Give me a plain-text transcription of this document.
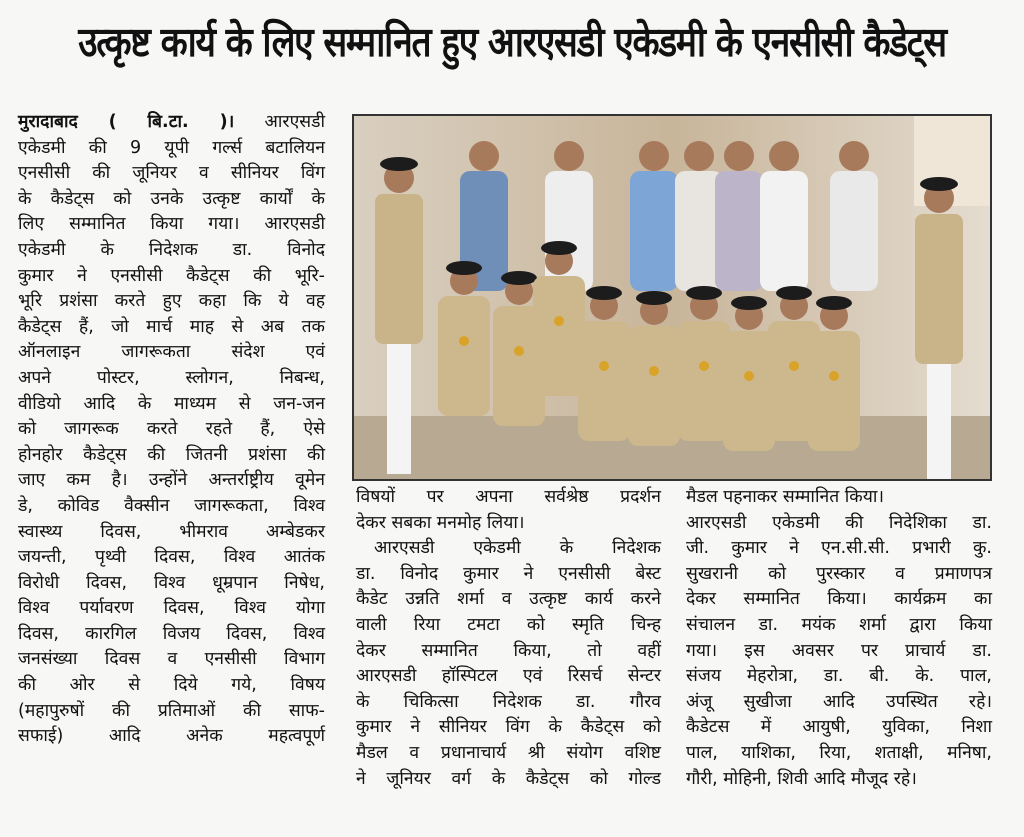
उत्कृष्ट कार्य के लिए सम्मानित हुए आरएसडी एकेडमी के एनसीसी कैडेट्स
मुरादाबाद ( बि.टा. )। आरएसडी
एकेडमी की 9 यूपी गर्ल्स बटालियन
एनसीसी की जूनियर व सीनियर विंग
के कैडेट्स को उनके उत्कृष्ट कार्यों के
लिए सम्मानित किया गया। आरएसडी
एकेडमी के निदेशक डा. विनोद
कुमार ने एनसीसी कैडेट्स की भूरि-
भूरि प्रशंसा करते हुए कहा कि ये वह
कैडेट्स हैं, जो मार्च माह से अब तक
ऑनलाइन जागरूकता संदेश एवं
अपने पोस्टर, स्लोगन, निबन्ध,
वीडियो आदि के माध्यम से जन-जन
को जागरूक करते रहते हैं, ऐसे
होनहोर कैडेट्स की जितनी प्रशंसा की
जाए कम है। उन्होंने अन्तर्राष्ट्रीय वूमेन
डे, कोविड वैक्सीन जागरूकता, विश्व
स्वास्थ्य दिवस, भीमराव अम्बेडकर
जयन्ती, पृथ्वी दिवस, विश्व आतंक
विरोधी दिवस, विश्व धूम्रपान निषेध,
विश्व पर्यावरण दिवस, विश्व योगा
दिवस, कारगिल विजय दिवस, विश्व
जनसंख्या दिवस व एनसीसी विभाग
की ओर से दिये गये, विषय
(महापुरुषों की प्रतिमाओं की साफ-
सफाई) आदि अनेक महत्वपूर्ण
विषयों पर अपना सर्वश्रेष्ठ प्रदर्शन
देकर सबका मनमोह लिया।
आरएसडी एकेडमी के निदेशक
डा. विनोद कुमार ने एनसीसी बेस्ट
कैडेट उन्नति शर्मा व उत्कृष्ट कार्य करने
वाली रिया टमटा को स्मृति चिन्ह
देकर सम्मानित किया, तो वहीं
आरएसडी हॉस्पिटल एवं रिसर्च सेन्टर
के चिकित्सा निदेशक डा. गौरव
कुमार ने सीनियर विंग के कैडेट्स को
मैडल व प्रधानाचार्य श्री संयोग वशिष्ट
ने जूनियर वर्ग के कैडेट्स को गोल्ड
मैडल पहनाकर सम्मानित किया।
आरएसडी एकेडमी की निदेशिका डा.
जी. कुमार ने एन.सी.सी. प्रभारी कु.
सुखरानी को पुरस्कार व प्रमाणपत्र
देकर सम्मानित किया। कार्यक्रम का
संचालन डा. मयंक शर्मा द्वारा किया
गया। इस अवसर पर प्राचार्य डा.
संजय मेहरोत्रा, डा. बी. के. पाल,
अंजू सुखीजा आदि उपस्थित रहे।
कैडेटस में आयुषी, युविका, निशा
पाल, याशिका, रिया, शताक्षी, मनिषा,
गौरी, मोहिनी, शिवी आदि मौजूद रहे।
